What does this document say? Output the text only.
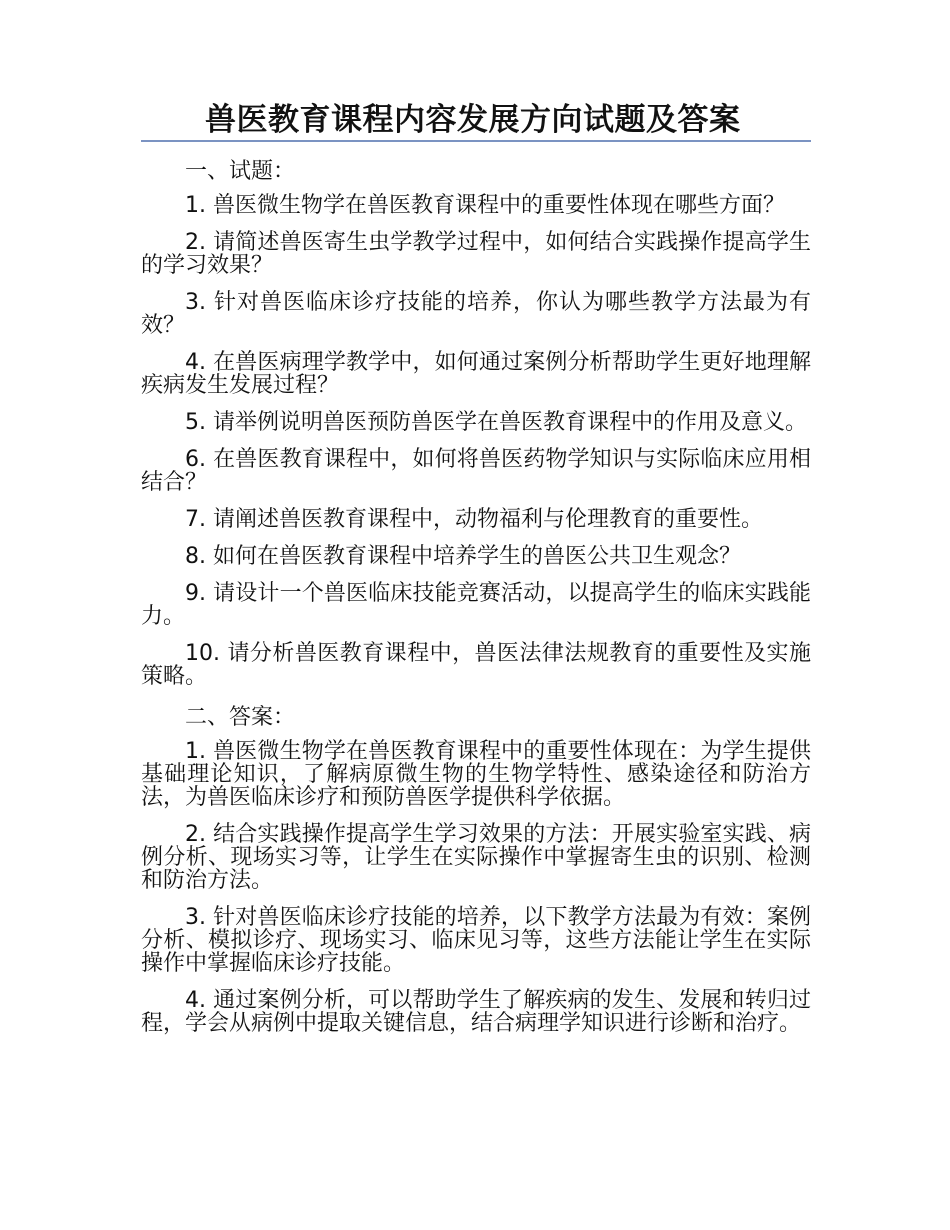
兽医教育课程内容发展方向试题及答案

一、试题：

1. 兽医微生物学在兽医教育课程中的重要性体现在哪些方面？

2. 请简述兽医寄生虫学教学过程中，如何结合实践操作提高学生的学习效果？

3. 针对兽医临床诊疗技能的培养，你认为哪些教学方法最为有效？

4. 在兽医病理学教学中，如何通过案例分析帮助学生更好地理解疾病发生发展过程？

5. 请举例说明兽医预防兽医学在兽医教育课程中的作用及意义。

6. 在兽医教育课程中，如何将兽医药物学知识与实际临床应用相结合？

7. 请阐述兽医教育课程中，动物福利与伦理教育的重要性。

8. 如何在兽医教育课程中培养学生的兽医公共卫生观念？

9. 请设计一个兽医临床技能竞赛活动，以提高学生的临床实践能力。

10. 请分析兽医教育课程中，兽医法律法规教育的重要性及实施策略。

二、答案：

1. 兽医微生物学在兽医教育课程中的重要性体现在：为学生提供基础理论知识，了解病原微生物的生物学特性、感染途径和防治方法，为兽医临床诊疗和预防兽医学提供科学依据。

2. 结合实践操作提高学生学习效果的方法：开展实验室实践、病例分析、现场实习等，让学生在实际操作中掌握寄生虫的识别、检测和防治方法。

3. 针对兽医临床诊疗技能的培养，以下教学方法最为有效：案例分析、模拟诊疗、现场实习、临床见习等，这些方法能让学生在实际操作中掌握临床诊疗技能。

4. 通过案例分析，可以帮助学生了解疾病的发生、发展和转归过程，学会从病例中提取关键信息，结合病理学知识进行诊断和治疗。
